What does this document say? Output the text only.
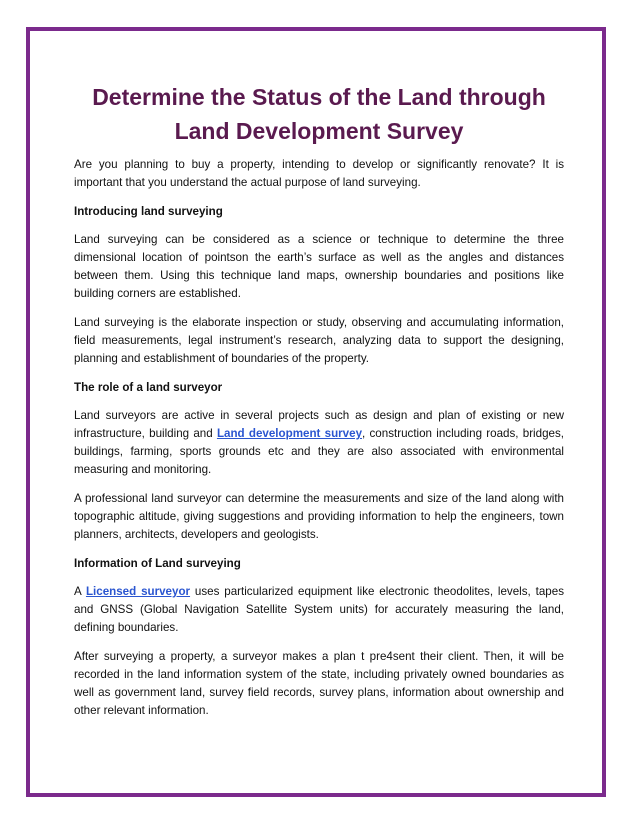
Determine the Status of the Land through Land Development Survey

Are you planning to buy a property, intending to develop or significantly renovate? It is important that you understand the actual purpose of land surveying.

Introducing land surveying

Land surveying can be considered as a science or technique to determine the three dimensional location of pointson the earth’s surface as well as the angles and distances between them. Using this technique land maps, ownership boundaries and positions like building corners are established.

Land surveying is the elaborate inspection or study, observing and accumulating information, field measurements, legal instrument’s research, analyzing data to support the designing, planning and establishment of boundaries of the property.

The role of a land surveyor

Land surveyors are active in several projects such as design and plan of existing or new infrastructure, building and Land development survey, construction including roads, bridges, buildings, farming, sports grounds etc and they are also associated with environmental measuring and monitoring.

A professional land surveyor can determine the measurements and size of the land along with topographic altitude, giving suggestions and providing information to help the engineers, town planners, architects, developers and geologists.

Information of Land surveying

A Licensed surveyor uses particularized equipment like electronic theodolites, levels, tapes and GNSS (Global Navigation Satellite System units) for accurately measuring the land, defining boundaries.

After surveying a property, a surveyor makes a plan t pre4sent their client. Then, it will be recorded in the land information system of the state, including privately owned boundaries as well as government land, survey field records, survey plans, information about ownership and other relevant information.
